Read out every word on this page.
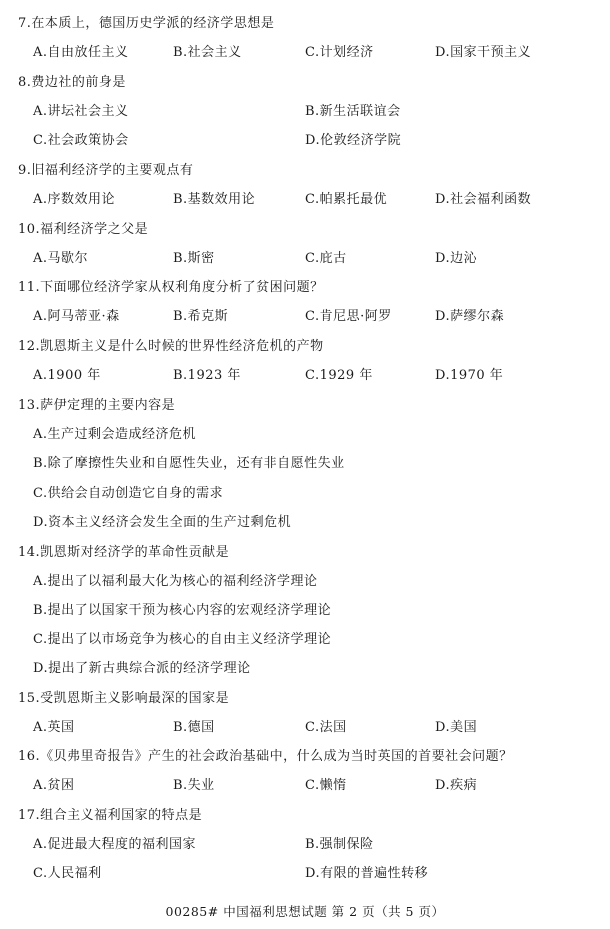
7.在本质上，德国历史学派的经济学思想是
A.自由放任主义	B.社会主义	C.计划经济	D.国家干预主义
8.费边社的前身是
A.讲坛社会主义	B.新生活联谊会
C.社会政策协会	D.伦敦经济学院
9.旧福利经济学的主要观点有
A.序数效用论	B.基数效用论	C.帕累托最优	D.社会福利函数
10.福利经济学之父是
A.马歇尔	B.斯密	C.庇古	D.边沁
11.下面哪位经济学家从权利角度分析了贫困问题？
A.阿马蒂亚·森	B.希克斯	C.肯尼思·阿罗	D.萨缪尔森
12.凯恩斯主义是什么时候的世界性经济危机的产物
A.1900 年	B.1923 年	C.1929 年	D.1970 年
13.萨伊定理的主要内容是
A.生产过剩会造成经济危机
B.除了摩擦性失业和自愿性失业，还有非自愿性失业
C.供给会自动创造它自身的需求
D.资本主义经济会发生全面的生产过剩危机
14.凯恩斯对经济学的革命性贡献是
A.提出了以福利最大化为核心的福利经济学理论
B.提出了以国家干预为核心内容的宏观经济学理论
C.提出了以市场竞争为核心的自由主义经济学理论
D.提出了新古典综合派的经济学理论
15.受凯恩斯主义影响最深的国家是
A.英国	B.德国	C.法国	D.美国
16.《贝弗里奇报告》产生的社会政治基础中，什么成为当时英国的首要社会问题？
A.贫困	B.失业	C.懒惰	D.疾病
17.组合主义福利国家的特点是
A.促进最大程度的福利国家	B.强制保险
C.人民福利	D.有限的普遍性转移
00285# 中国福利思想试题 第 2 页（共 5 页）
